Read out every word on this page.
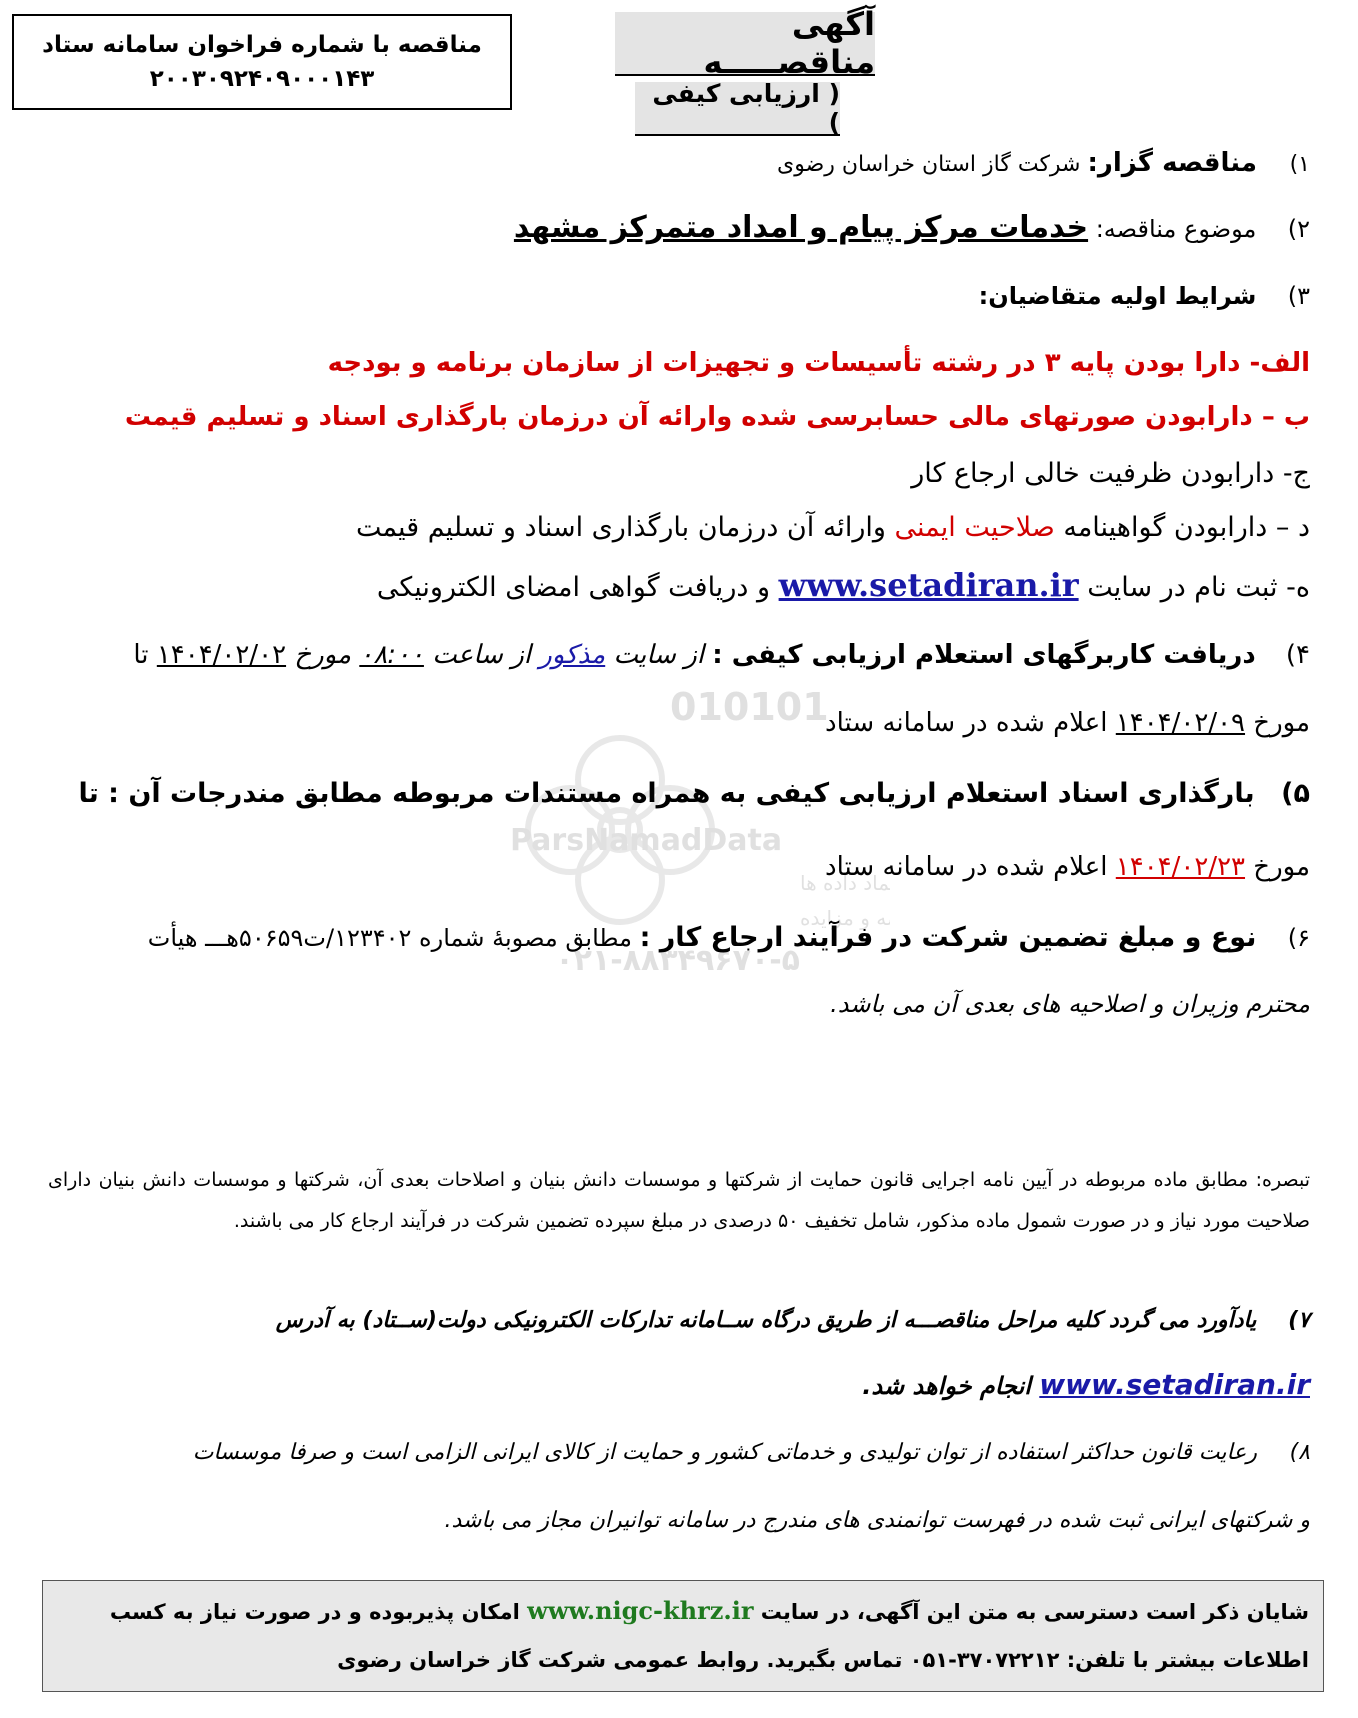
مناقصه با شماره فراخوان سامانه ستاد
۲۰۰۳۰۹۲۴۰۹۰۰۰۱۴۳
آگهی مناقصـــــه
( ارزیابی کیفی )
010101
ParsNamadData
ماد داده ها
ه و مزایده
۰۲۱-۸۸۳۴۹۶۷۰-۵
۱) مناقصه گزار: شرکت گاز استان خراسان رضوی
۲) موضوع مناقصه: خدمات مرکز پیام و امداد متمرکز مشهد
۳) شرایط اولیه متقاضیان:
الف- دارا بودن پایه ۳ در رشته تأسیسات و تجهیزات از سازمان برنامه و بودجه
ب – دارابودن صورتهای مالی حسابرسی شده وارائه آن درزمان بارگذاری اسناد و تسلیم قیمت
ج- دارابودن ظرفیت خالی ارجاع کار
د – دارابودن گواهینامه صلاحیت ایمنی وارائه آن درزمان بارگذاری اسناد و تسلیم قیمت
ه- ثبت نام در سایت www.setadiran.ir و دریافت گواهی امضای الکترونیکی
۴) دریافت کاربرگهای استعلام ارزیابی کیفی : از سایت مذکور از ساعت ۰۸:۰۰ مورخ ۱۴۰۴/۰۲/۰۲ تا
مورخ ۱۴۰۴/۰۲/۰۹ اعلام شده در سامانه ستاد
۵) بارگذاری اسناد استعلام ارزیابی کیفی به همراه مستندات مربوطه مطابق مندرجات آن : تا
مورخ ۱۴۰۴/۰۲/۲۳ اعلام شده در سامانه ستاد
۶) نوع و مبلغ تضمین شرکت در فرآیند ارجاع کار : مطابق مصوبهٔ شماره ۱۲۳۴۰۲/ت۵۰۶۵۹هـــ هیأت
محترم وزیران و اصلاحیه های بعدی آن می باشد.
تبصره: مطابق ماده مربوطه در آیین نامه اجرایی قانون حمایت از شرکتها و موسسات دانش بنیان و اصلاحات بعدی آن، شرکتها و موسسات دانش بنیان دارای صلاحیت مورد نیاز و در صورت شمول ماده مذکور، شامل تخفیف ۵۰ درصدی در مبلغ سپرده تضمین شرکت در فرآیند ارجاع کار می باشند.
۷) یادآورد می گردد کلیه مراحل مناقصـــه از طریق درگاه ســامانه تدارکات الکترونیکی دولت(ســتاد) به آدرس
www.setadiran.ir انجام خواهد شد.
۸) رعایت قانون حداکثر استفاده از توان تولیدی و خدماتی کشور و حمایت از کالای ایرانی الزامی است و صرفا موسسات
و شرکتهای ایرانی ثبت شده در فهرست توانمندی های مندرج در سامانه توانیران مجاز می باشد.
شایان ذکر است دسترسی به متن این آگهی، در سایت www.nigc-khrz.ir امکان پذیربوده و در صورت نیاز به کسب
اطلاعات بیشتر با تلفن: ۳۷۰۷۲۲۱۲-۰۵۱ تماس بگیرید. روابط عمومی شرکت گاز خراسان رضوی
